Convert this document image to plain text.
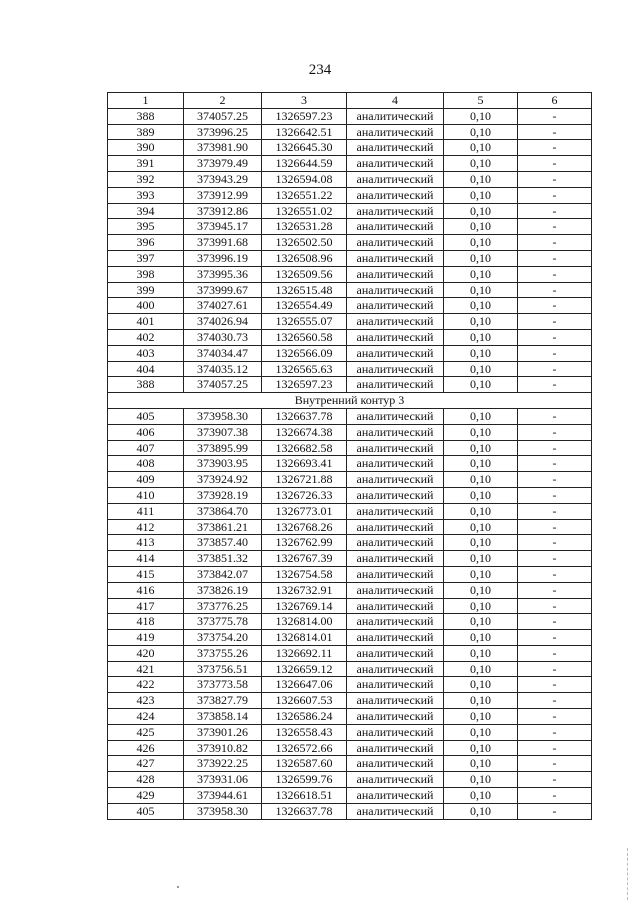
234
1	2	3	4	5	6
388	374057.25	1326597.23	аналитический	0,10	-
389	373996.25	1326642.51	аналитический	0,10	-
390	373981.90	1326645.30	аналитический	0,10	-
391	373979.49	1326644.59	аналитический	0,10	-
392	373943.29	1326594.08	аналитический	0,10	-
393	373912.99	1326551.22	аналитический	0,10	-
394	373912.86	1326551.02	аналитический	0,10	-
395	373945.17	1326531.28	аналитический	0,10	-
396	373991.68	1326502.50	аналитический	0,10	-
397	373996.19	1326508.96	аналитический	0,10	-
398	373995.36	1326509.56	аналитический	0,10	-
399	373999.67	1326515.48	аналитический	0,10	-
400	374027.61	1326554.49	аналитический	0,10	-
401	374026.94	1326555.07	аналитический	0,10	-
402	374030.73	1326560.58	аналитический	0,10	-
403	374034.47	1326566.09	аналитический	0,10	-
404	374035.12	1326565.63	аналитический	0,10	-
388	374057.25	1326597.23	аналитический	0,10	-
Внутренний контур 3					
405	373958.30	1326637.78	аналитический	0,10	-
406	373907.38	1326674.38	аналитический	0,10	-
407	373895.99	1326682.58	аналитический	0,10	-
408	373903.95	1326693.41	аналитический	0,10	-
409	373924.92	1326721.88	аналитический	0,10	-
410	373928.19	1326726.33	аналитический	0,10	-
411	373864.70	1326773.01	аналитический	0,10	-
412	373861.21	1326768.26	аналитический	0,10	-
413	373857.40	1326762.99	аналитический	0,10	-
414	373851.32	1326767.39	аналитический	0,10	-
415	373842.07	1326754.58	аналитический	0,10	-
416	373826.19	1326732.91	аналитический	0,10	-
417	373776.25	1326769.14	аналитический	0,10	-
418	373775.78	1326814.00	аналитический	0,10	-
419	373754.20	1326814.01	аналитический	0,10	-
420	373755.26	1326692.11	аналитический	0,10	-
421	373756.51	1326659.12	аналитический	0,10	-
422	373773.58	1326647.06	аналитический	0,10	-
423	373827.79	1326607.53	аналитический	0,10	-
424	373858.14	1326586.24	аналитический	0,10	-
425	373901.26	1326558.43	аналитический	0,10	-
426	373910.82	1326572.66	аналитический	0,10	-
427	373922.25	1326587.60	аналитический	0,10	-
428	373931.06	1326599.76	аналитический	0,10	-
429	373944.61	1326618.51	аналитический	0,10	-
405	373958.30	1326637.78	аналитический	0,10	-
